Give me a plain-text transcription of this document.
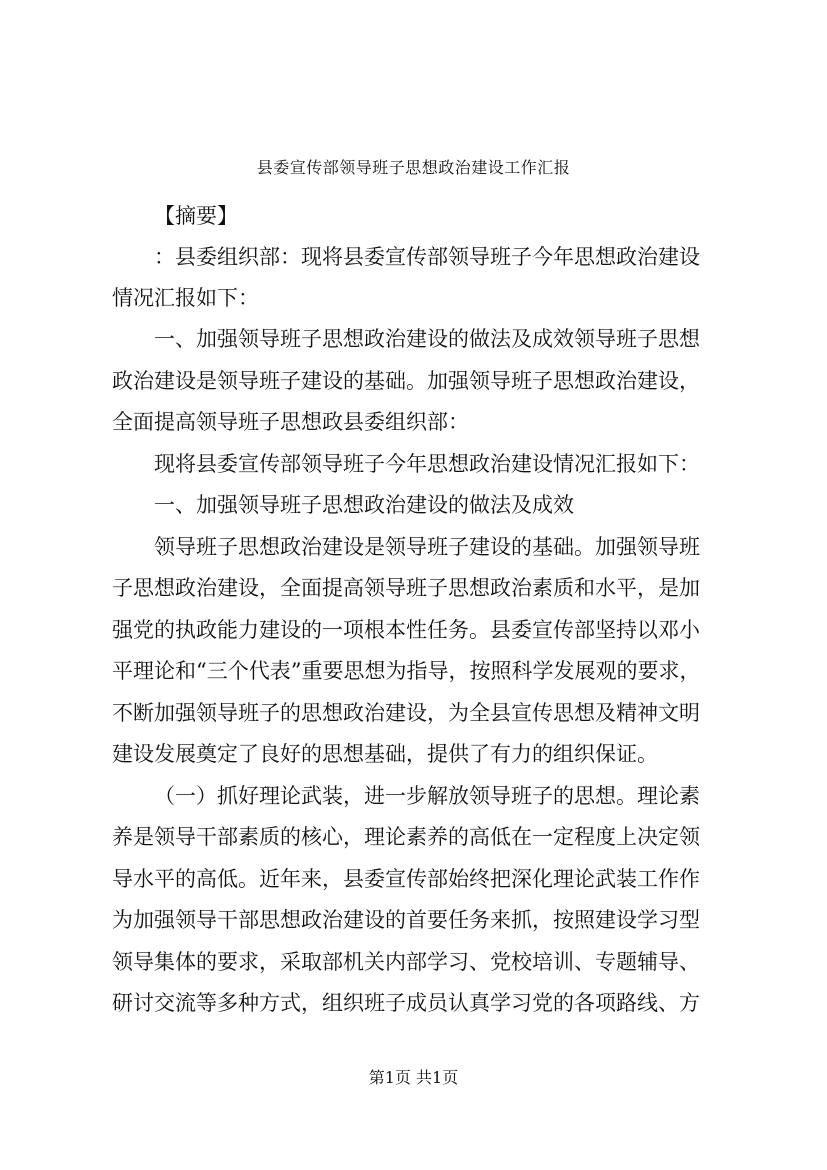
县委宣传部领导班子思想政治建设工作汇报

【摘要】

：县委组织部：现将县委宣传部领导班子今年思想政治建设

情况汇报如下：

一、加强领导班子思想政治建设的做法及成效领导班子思想

政治建设是领导班子建设的基础。加强领导班子思想政治建设，

全面提高领导班子思想政县委组织部：

现将县委宣传部领导班子今年思想政治建设情况汇报如下：

一、加强领导班子思想政治建设的做法及成效

领导班子思想政治建设是领导班子建设的基础。加强领导班

子思想政治建设，全面提高领导班子思想政治素质和水平，是加

强党的执政能力建设的一项根本性任务。县委宣传部坚持以邓小

平理论和“三个代表”重要思想为指导，按照科学发展观的要求，

不断加强领导班子的思想政治建设，为全县宣传思想及精神文明

建设发展奠定了良好的思想基础，提供了有力的组织保证。

（一）抓好理论武装，进一步解放领导班子的思想。理论素

养是领导干部素质的核心，理论素养的高低在一定程度上决定领

导水平的高低。近年来，县委宣传部始终把深化理论武装工作作

为加强领导干部思想政治建设的首要任务来抓，按照建设学习型

领导集体的要求，采取部机关内部学习、党校培训、专题辅导、

研讨交流等多种方式，组织班子成员认真学习党的各项路线、方

第1页 共1页
